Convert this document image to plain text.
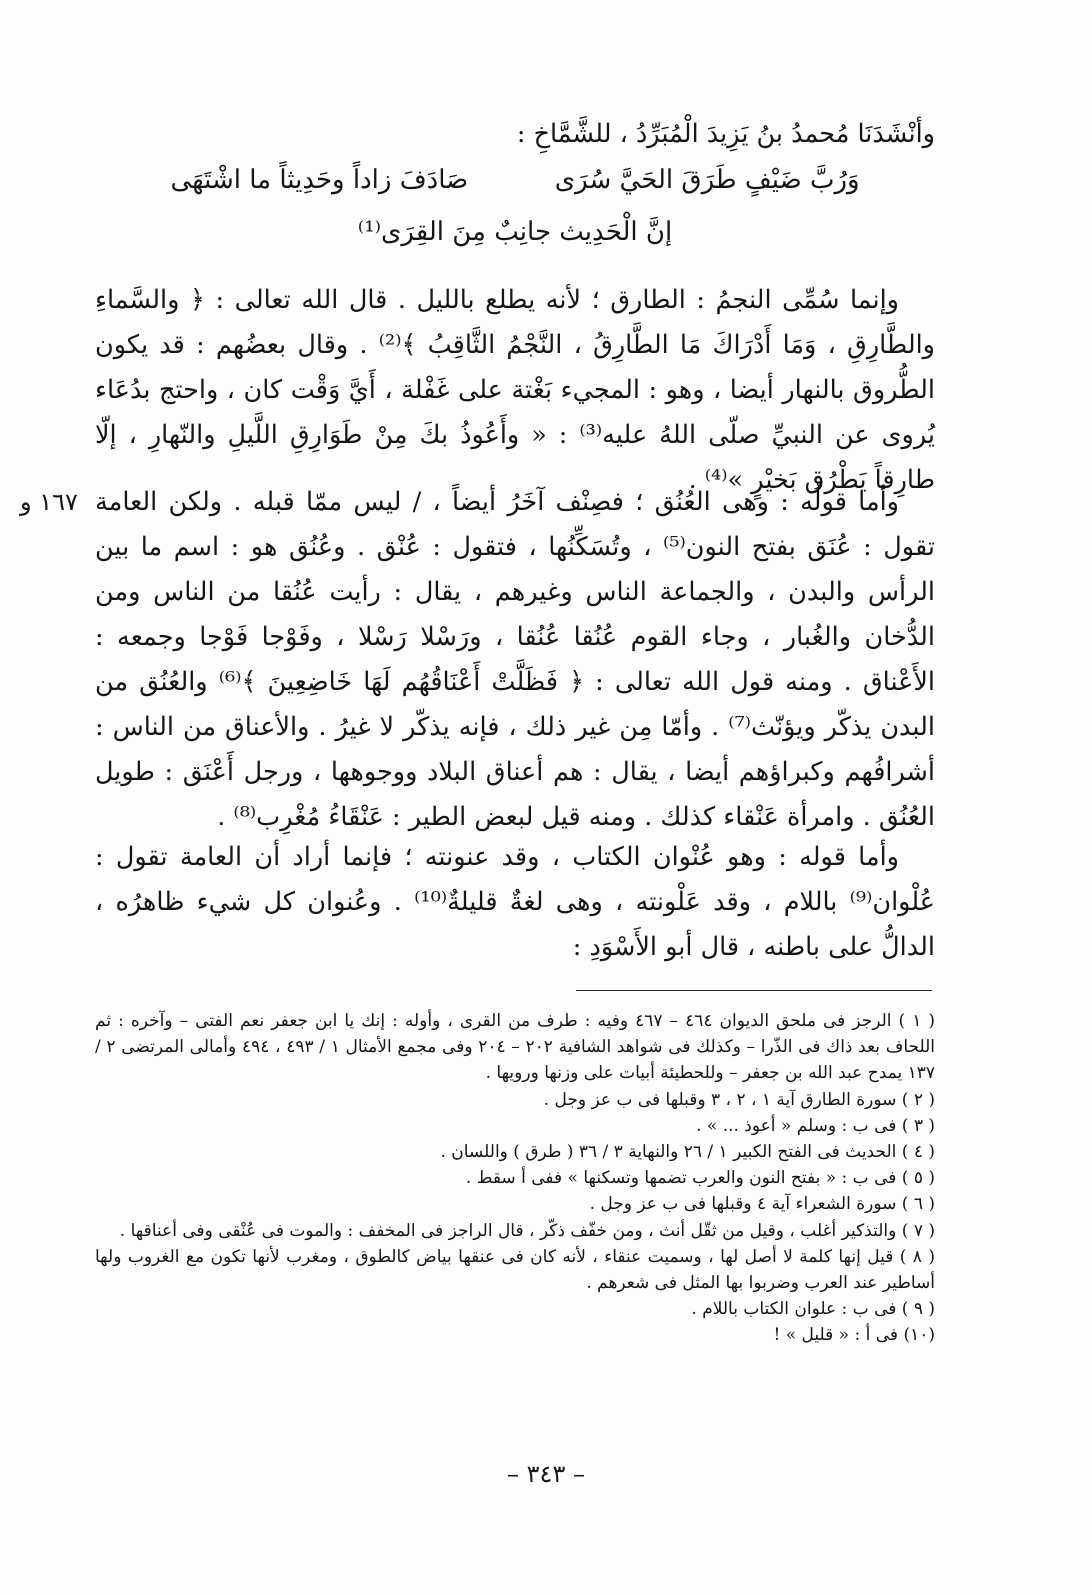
وأنْشَدَنَا مُحمدُ بنُ يَزِيدَ الْمُبَرِّدُ ، للشَّمَّاخِ :
وَرُبَّ ضَيْفٍ طَرَقَ الحَيَّ سُرَى  صَادَفَ زاداً وحَدِيثاً ما اشْتَهَى
إنَّ الْحَدِيث جانِبٌ مِنَ القِرَى⁽¹⁾

وإنما سُمِّى النجمُ : الطارق ؛ لأنه يطلع بالليل . قال الله تعالى : ﴿ والسَّماءِ والطَّارِقِ ، وَمَا أَدْرَاكَ مَا الطَّارِقُ ، النَّجْمُ الثَّاقِبُ ﴾⁽²⁾ . وقال بعضُهم : قد يكون الطُّروق بالنهار أيضا ، وهو : المجيء بَغْتة على غَفْلة ، أَيَّ وَقْت كان ، واحتج بدُعَاء يُروى عن النبيِّ صلّى اللهُ عليه⁽³⁾ : « وأَعُوذُ بكَ مِنْ طَوَارِقِ اللَّيلِ والنّهارِ ، إلّا طارِقاً يَطْرُق بَخيْرٍ »⁽⁴⁾ .

وأما قولُه : وهى العُنُق ؛ فصِنْف آخَرُ أيضاً ، / ليس ممّا قبله . ولكن العامة تقول : عُنَق بفتح النون⁽⁵⁾ ، وتُسَكِّنُها ، فتقول : عُنْق . وعُنُق هو : اسم ما بين الرأس والبدن ، والجماعة الناس وغيرهم ، يقال : رأيت عُنُقا من الناس ومن الدُّخان والغُبار ، وجاء القوم عُنُقا عُنُقا ، ورَسْلا رَسْلا ، وفَوْجا فَوْجا وجمعه : الأَعْناق . ومنه قول الله تعالى : ﴿ فَظَلَّتْ أَعْنَاقُهُم لَهَا خَاضِعِينَ ﴾⁽⁶⁾ والعُنُق من البدن يذكّر ويؤنّث⁽⁷⁾ . وأمّا مِن غير ذلك ، فإنه يذكّر لا غيرُ . والأعناق من الناس : أشرافُهم وكبراؤهم أيضا ، يقال : هم أعناق البلاد ووجوهها ، ورجل أَعْنَق : طويل العُنُق . وامرأة عَنْقاء كذلك . ومنه قيل لبعض الطير : عَنْقَاءُ مُغْرِب⁽⁸⁾ .

وأما قوله : وهو عُنْوان الكتاب ، وقد عنونته ؛ فإنما أراد أن العامة تقول : عُلْوان⁽⁹⁾ باللام ، وقد عَلْونته ، وهى لغةٌ قليلةٌ⁽¹⁰⁾ . وعُنوان كل شيء ظاهرُه ، الدالُّ على باطنه ، قال أبو الأَسْوَدِ :

١٦٧ و
( ١ ) الرجز فى ملحق الديوان ٤٦٤ – ٤٦٧ وفيه : طرف من القرى ، وأوله : إنك يا ابن جعفر نعم الفتى – وآخره : ثم اللحاف بعد ذاك فى الذّرا – وكذلك فى شواهد الشافية ٢٠٢ – ٢٠٤ وفى مجمع الأمثال ١ / ٤٩٣ ، ٤٩٤ وأمالى المرتضى ٢ / ١٣٧ يمدح عبد الله بن جعفر – وللحطيئة أبيات على وزنها ورويها .
( ٢ ) سورة الطارق آية ١ ، ٢ ، ٣ وقبلها فى ب عز وجل .
( ٣ ) فى ب : وسلم « أعوذ ... » .
( ٤ ) الحديث فى الفتح الكبير ١ / ٢٦ والنهاية ٣ / ٣٦ ( طرق ) واللسان .
( ٥ ) فى ب : « بفتح النون والعرب تضمها وتسكنها » ففى أ سقط .
( ٦ ) سورة الشعراء آية ٤ وقبلها فى ب عز وجل .
( ٧ ) والتذكير أغلب ، وقيل من ثقّل أنث ، ومن خفّف ذكّر ، قال الراجز فى المخفف : والموت فى عُنْقى وفى أعناقها .
( ٨ ) قيل إنها كلمة لا أصل لها ، وسميت عنقاء ، لأنه كان فى عنقها بياض كالطوق ، ومغرب لأنها تكون مع الغروب ولها أساطير عند العرب وضربوا بها المثل فى شعرهم .
( ٩ ) فى ب : علوان الكتاب باللام .
(١٠) فى أ : « قليل » !
– ٣٤٣ –
